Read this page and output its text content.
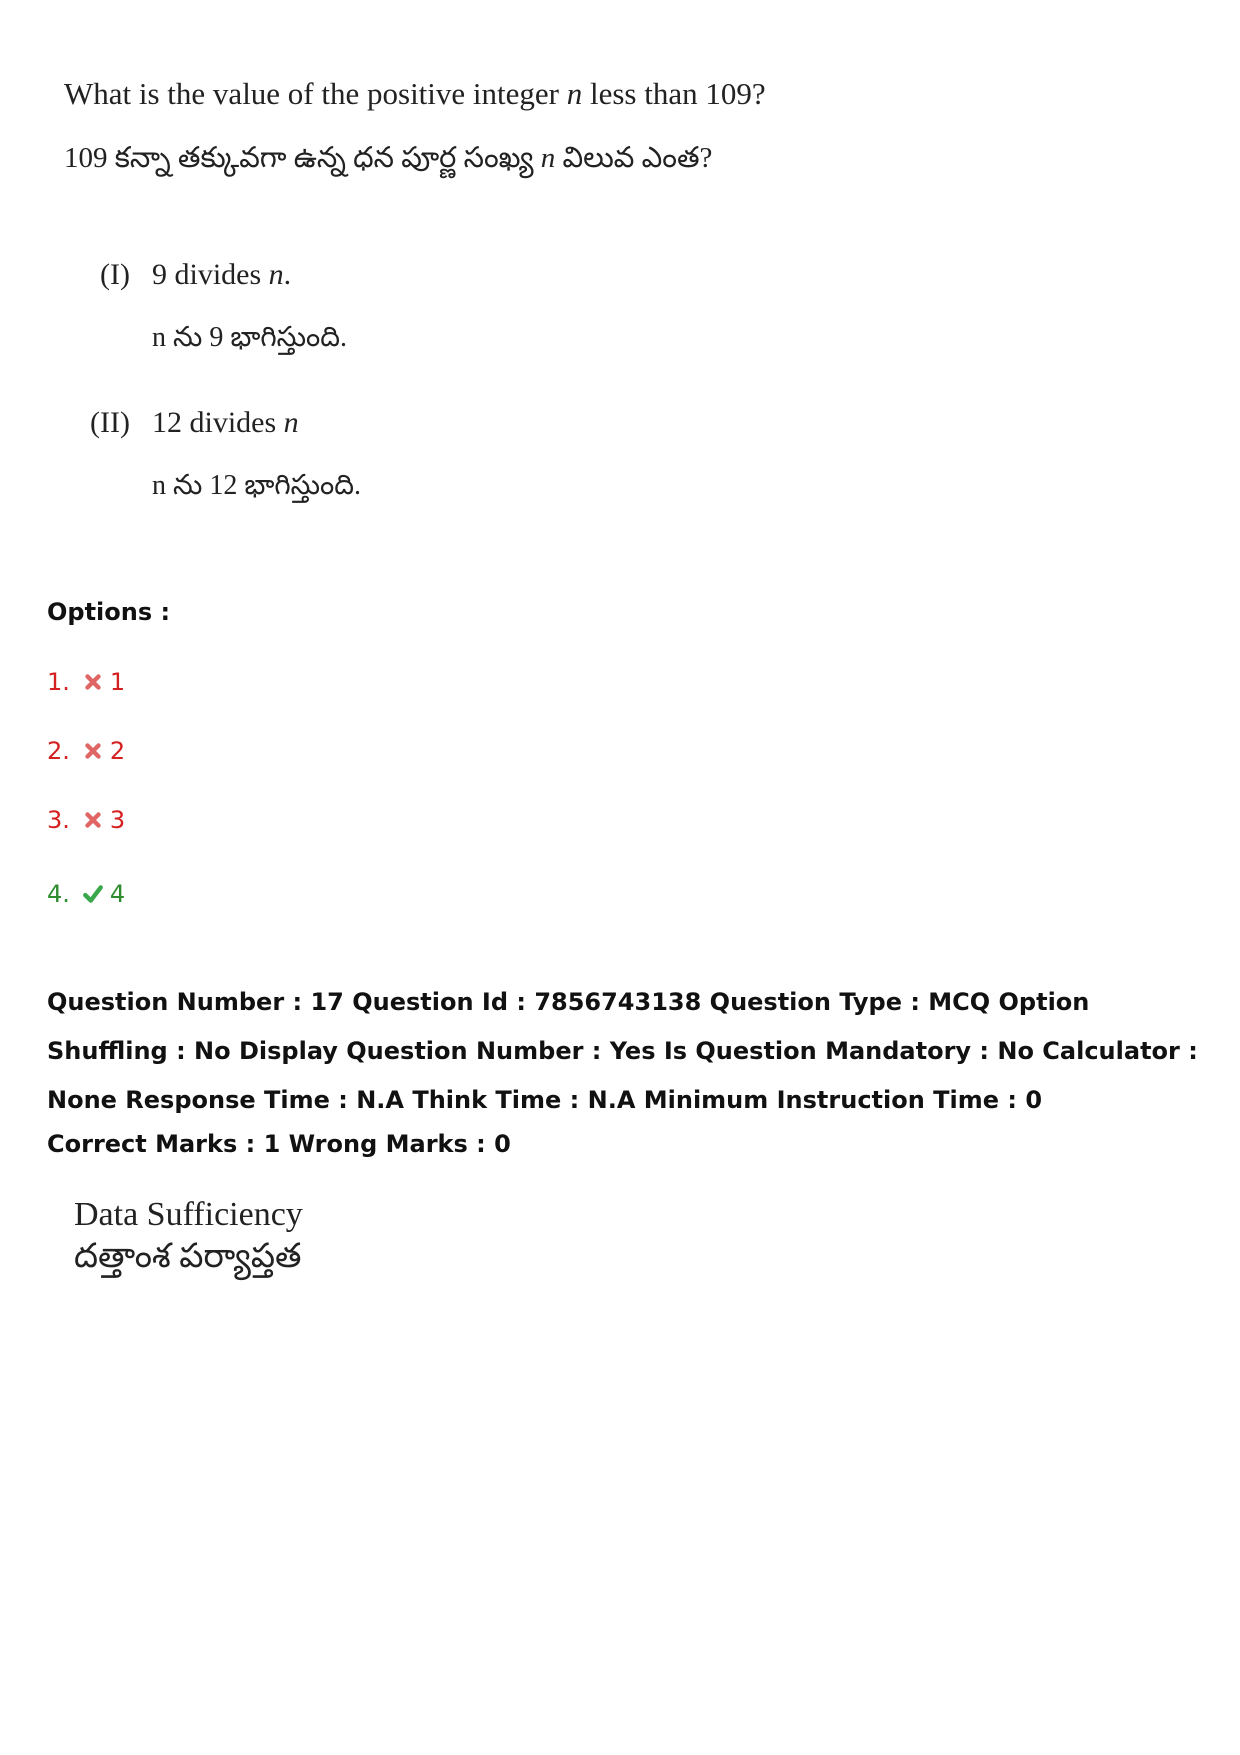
What is the value of the positive integer n less than 109?
109 కన్నా తక్కువగా ఉన్న ధన పూర్ణ సంఖ్య n విలువ ఎంత?
(I) 9 divides n.
n ను 9 భాగిస్తుంది.
(II) 12 divides n
n ను 12 భాగిస్తుంది.
Options :
1. 1
2. 2
3. 3
4. 4
Question Number : 17 Question Id : 7856743138 Question Type : MCQ Option Shuffling : No Display Question Number : Yes Is Question Mandatory : No Calculator : None Response Time : N.A Think Time : N.A Minimum Instruction Time : 0
Correct Marks : 1 Wrong Marks : 0
Data Sufficiency
దత్తాంశ పర్యాప్తత
